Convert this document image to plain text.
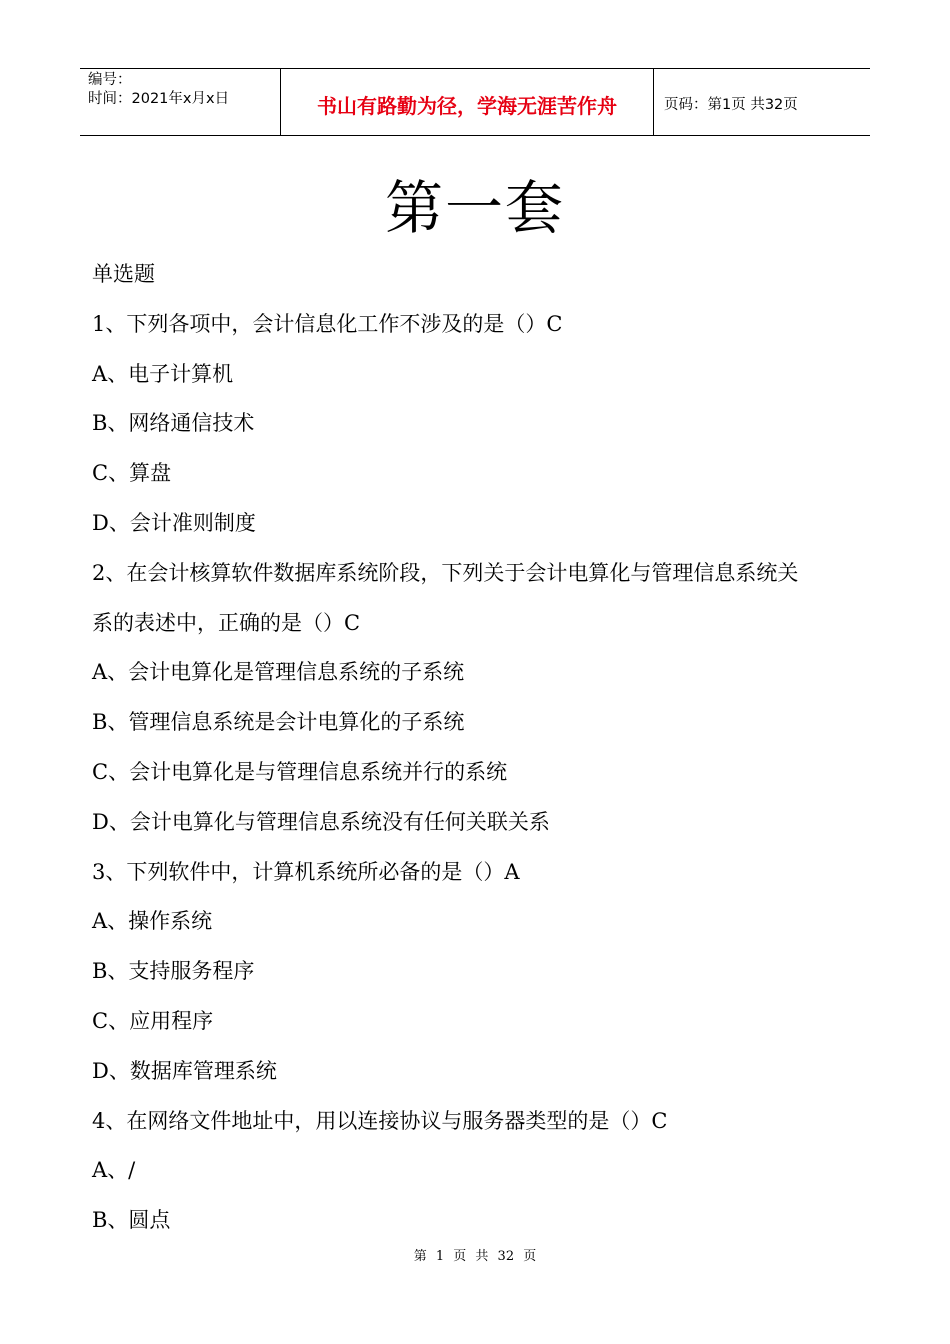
编号：
时间：2021年x月x日	书山有路勤为径，学海无涯苦作舟	页码：第1页 共32页
第一套

单选题

1、下列各项中，会计信息化工作不涉及的是（）C

A、电子计算机

B、网络通信技术

C、算盘

D、会计准则制度

2、在会计核算软件数据库系统阶段，下列关于会计电算化与管理信息系统关

系的表述中，正确的是（）C

A、会计电算化是管理信息系统的子系统

B、管理信息系统是会计电算化的子系统

C、会计电算化是与管理信息系统并行的系统

D、会计电算化与管理信息系统没有任何关联关系

3、下列软件中，计算机系统所必备的是（）A

A、操作系统

B、支持服务程序

C、应用程序

D、数据库管理系统

4、在网络文件地址中，用以连接协议与服务器类型的是（）C

A、/

B、圆点

第 1 页 共 32 页
